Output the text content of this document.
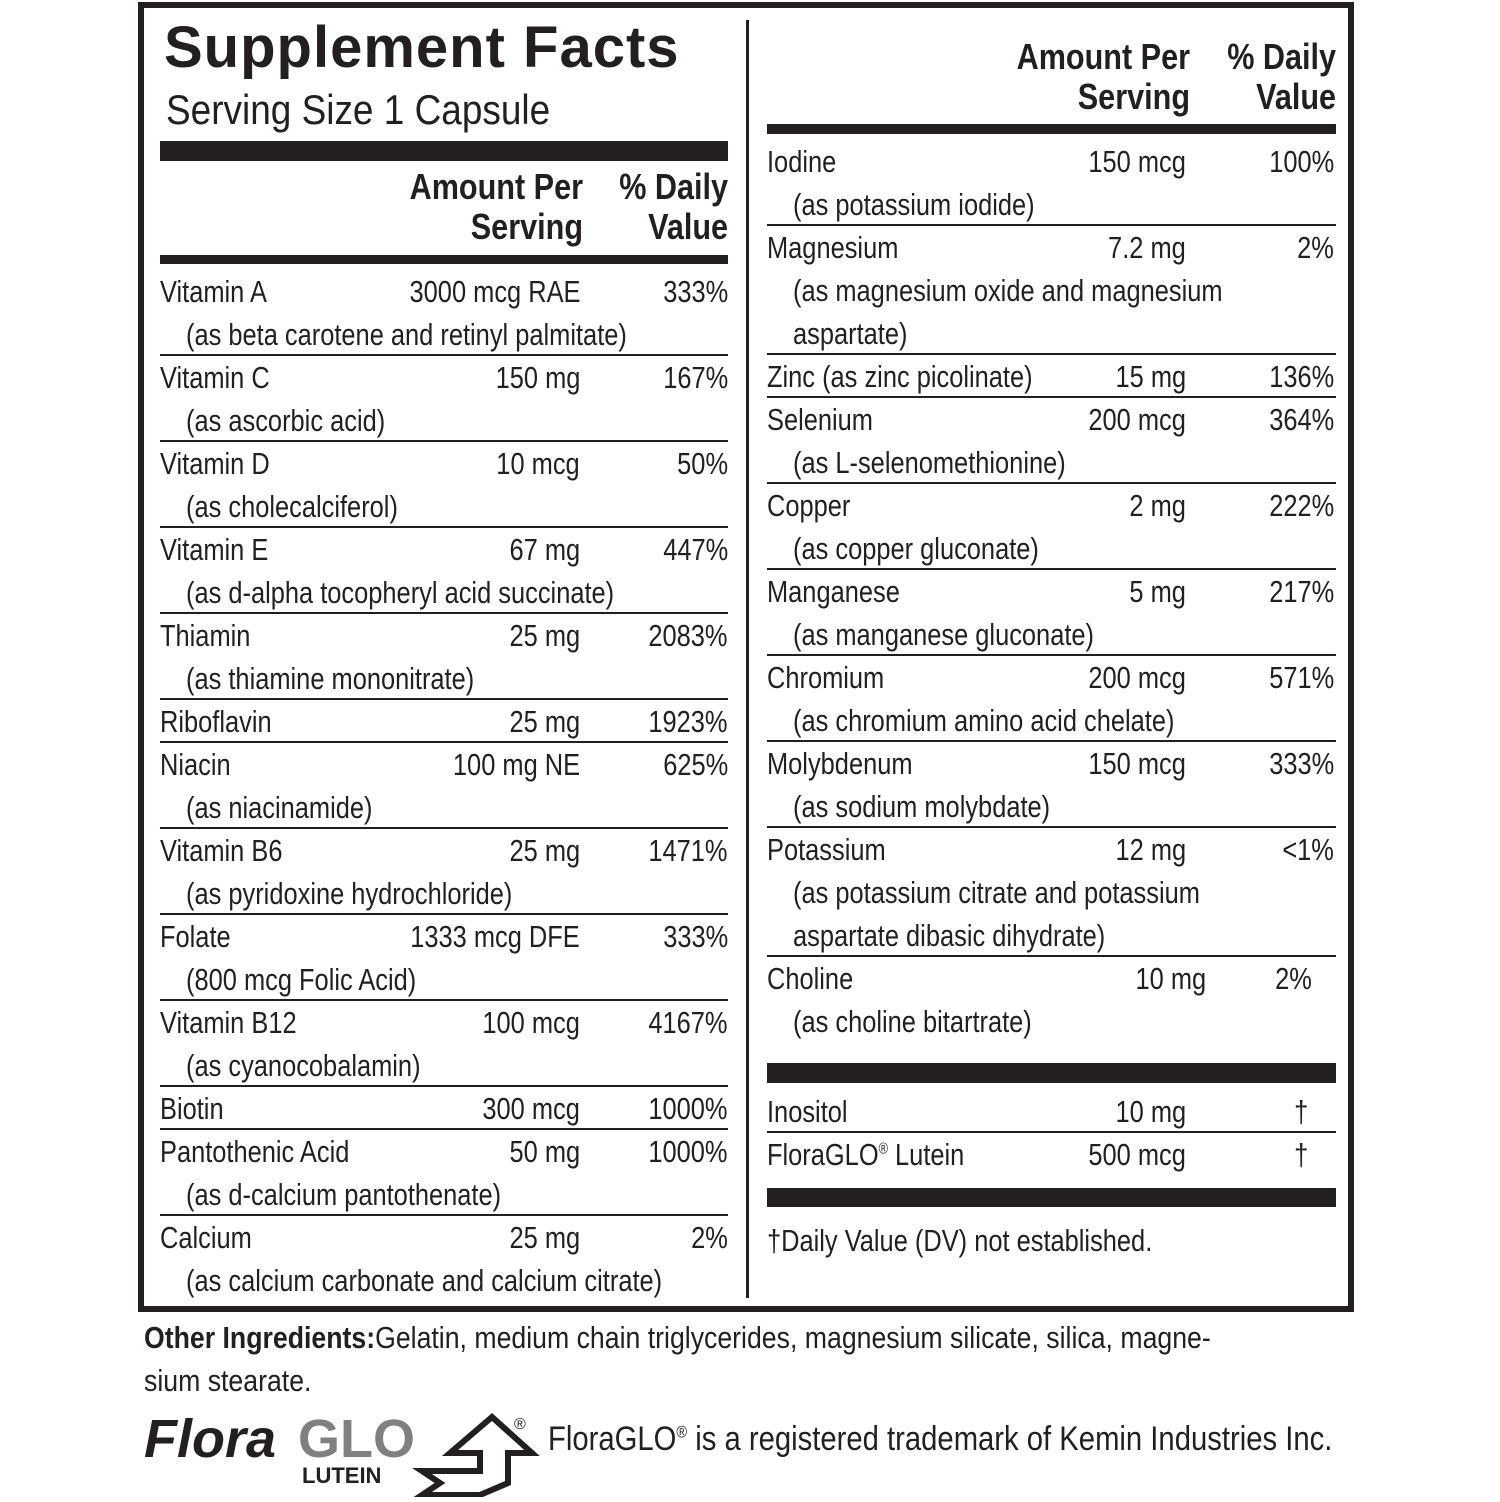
Supplement Facts
Serving Size 1 Capsule
Amount Per
Serving
% Daily
Value
Amount Per
Serving
% Daily
Value
Vitamin A	3000 mcg RAE	333%
(as beta carotene and retinyl palmitate)
Vitamin C	150 mg	167%
(as ascorbic acid)
Vitamin D	10 mcg	50%
(as cholecalciferol)
Vitamin E	67 mg	447%
(as d-alpha tocopheryl acid succinate)
Thiamin	25 mg 2083%
(as thiamine mononitrate)
Riboflavin	25 mg 1923%
Niacin	100 mg NE	625%
(as niacinamide)
Vitamin B6	25 mg 1471%
(as pyridoxine hydrochloride)
Folate	1333 mcg DFE	333%
(800 mcg Folic Acid)
Vitamin B12	100 mcg 4167%
(as cyanocobalamin)
Biotin	300 mcg 1000%
Pantothenic Acid	50 mg 1000%
(as d-calcium pantothenate)
Calcium	25 mg	2%
(as calcium carbonate and calcium citrate)
Iodine	150 mcg	100%
(as potassium iodide)
Magnesium	7.2 mg	2%
(as magnesium oxide and magnesium
aspartate)
Zinc (as zinc picolinate)	15 mg	136%
Selenium	200 mcg	364%
(as L-selenomethionine)
Copper	2 mg	222%
(as copper gluconate)
Manganese	5 mg	217%
(as manganese gluconate)
Chromium	200 mcg	571%
(as chromium amino acid chelate)
Molybdenum	150 mcg	333%
(as sodium molybdate)
Potassium	12 mg	<1%
(as potassium citrate and potassium
aspartate dibasic dihydrate)
Choline	10 mg 2%
(as choline bitartrate)
Inositol	10 mg	†
FloraGLO® Lutein	500 mcg	†
†Daily Value (DV) not established.
Other Ingredients:Gelatin, medium chain triglycerides, magnesium silicate, silica, magne-
sium stearate.
Flora GLO
LUTEIN
® FloraGLO® is a registered trademark of Kemin Industries Inc.
